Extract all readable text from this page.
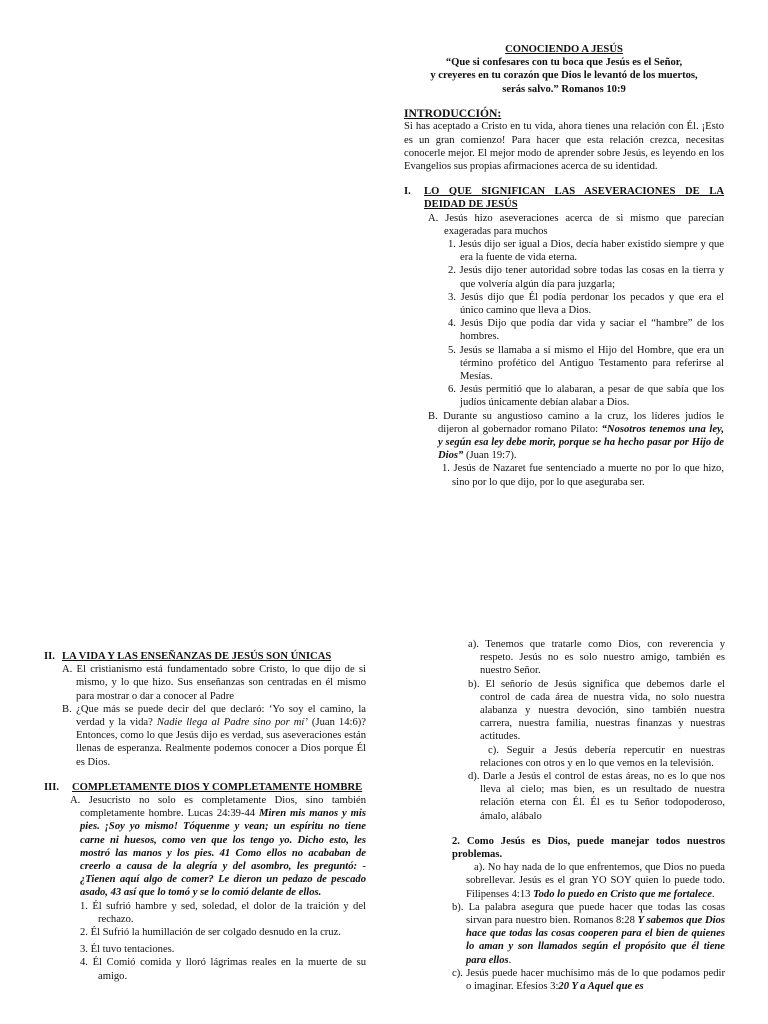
CONOCIENDO A JESÚS
“Que si confesares con tu boca que Jesús es el Señor,
y creyeres en tu corazón que Dios le levantó de los muertos,
serás salvo.” Romanos 10:9
INTRODUCCIÓN:

Si has aceptado a Cristo en tu vida, ahora tienes una relación con Él. ¡Esto es un gran comienzo! Para hacer que esta relación crezca, necesitas conocerle mejor. El mejor modo de aprender sobre Jesús, es leyendo en los Evangelios sus propias afirmaciones acerca de su identidad.

I.	LO QUE SIGNIFICAN LAS ASEVERACIONES DE LA DEIDAD DE JESÚS

A. Jesús hizo aseveraciones acerca de si mismo que parecían exageradas para muchos

1. Jesús dijo ser igual a Dios, decía haber existido siempre y que era la fuente de vida eterna.

2. Jesús dijo tener autoridad sobre todas las cosas en la tierra y que volvería algún día para juzgarla;

3. Jesús dijo que Él podía perdonar los pecados y que era el único camino que lleva a Dios.

4. Jesús Dijo que podía dar vida y saciar el “hambre” de los hombres.

5. Jesús se llamaba a sí mismo el Hijo del Hombre, que era un término profético del Antiguo Testamento para referirse al Mesías.

6. Jesús permitió que lo alabaran, a pesar de que sabía que los judíos únicamente debían alabar a Dios.

B. Durante su angustioso camino a la cruz, los líderes judíos le dijeron al gobernador romano Pilato: “Nosotros tenemos una ley, y según esa ley debe morir, porque se ha hecho pasar por Hijo de Dios” (Juan 19:7).

1. Jesús de Nazaret fue sentenciado a muerte no por lo que hizo, sino por lo que dijo, por lo que aseguraba ser.

II. LA VIDA Y LAS ENSEÑANZAS DE JESÚS SON ÚNICAS

A. El cristianismo está fundamentado sobre Cristo, lo que dijo de si mismo, y lo que hizo. Sus enseñanzas son centradas en él mismo para mostrar o dar a conocer al Padre

B. ¿Que más se puede decir del que declaró: ‘Yo soy el camino, la verdad y la vida? Nadie llega al Padre sino por mí’ (Juan 14:6)? Entonces, como lo que Jesús dijo es verdad, sus aseveraciones están llenas de esperanza. Realmente podemos conocer a Dios porque Él es Dios.

III.	COMPLETAMENTE DIOS Y COMPLETAMENTE HOMBRE

A. Jesucristo no solo es completamente Dios, sino también completamente hombre. Lucas 24:39-44 Miren mis manos y mis pies. ¡Soy yo mismo! Tóquenme y vean; un espíritu no tiene carne ni huesos, como ven que los tengo yo. Dicho esto, les mostró las manos y los pies. 41 Como ellos no acababan de creerlo a causa de la alegría y del asombro, les preguntó: -¿Tienen aquí algo de comer? Le dieron un pedazo de pescado asado, 43 así que lo tomó y se lo comió delante de ellos.

1. Él sufrió hambre y sed, soledad, el dolor de la traición y del rechazo.

2. Él Sufrió la humillación de ser colgado desnudo en la cruz.

3. Él tuvo tentaciones.

4. Él Comió comida y lloró lágrimas reales en la muerte de su amigo.

a). Tenemos que tratarle como Dios, con reverencia y respeto. Jesús no es solo nuestro amigo, también es nuestro Señor.

b). El señorío de Jesús significa que debemos darle el control de cada área de nuestra vida, no solo nuestra alabanza y nuestra devoción, sino también nuestra carrera, nuestra familia, nuestras finanzas y nuestras actitudes.

c). Seguir a Jesús debería repercutir en nuestras relaciones con otros y en lo que vemos en la televisión.

d). Darle a Jesús el control de estas áreas, no es lo que nos lleva al cielo; mas bien, es un resultado de nuestra relación eterna con Él. Él es tu Señor todopoderoso, ámalo, alábalo

2. Como Jesús es Dios, puede manejar todos nuestros problemas.

a). No hay nada de lo que enfrentemos, que Dios no pueda sobrellevar. Jesús es el gran YO SOY quien lo puede todo. Filipenses 4:13 Todo lo puedo en Cristo que me fortalece.

b). La palabra asegura que puede hacer que todas las cosas sirvan para nuestro bien. Romanos 8:28 Y sabemos que Dios hace que todas las cosas cooperen para el bien de quienes lo aman y son llamados según el propósito que él tiene para ellos.

c). Jesús puede hacer muchísimo más de lo que podamos pedir o imaginar. Efesios 3:20 Y a Aquel que es
